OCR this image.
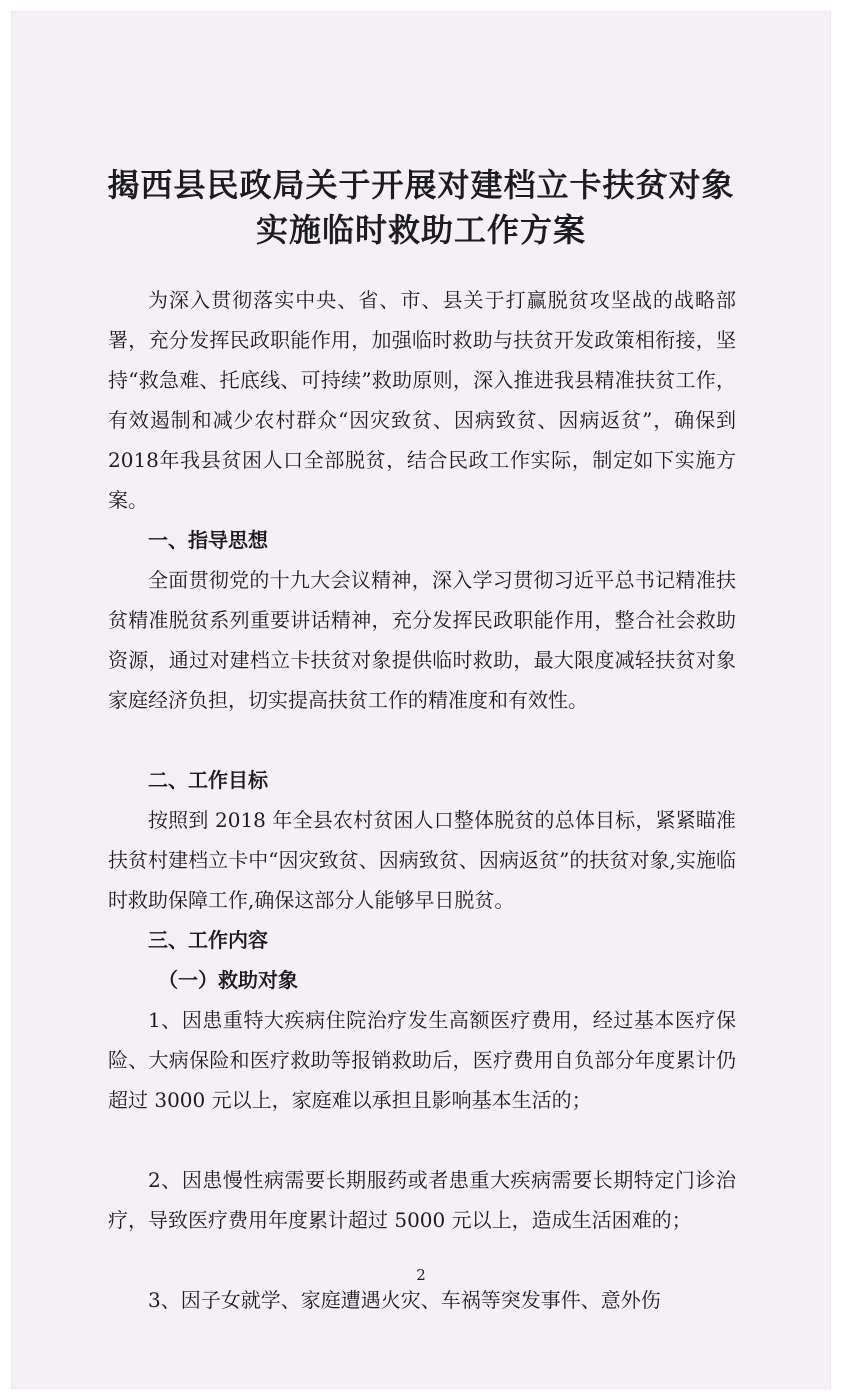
揭西县民政局关于开展对建档立卡扶贫对象
实施临时救助工作方案

为深入贯彻落实中央、省、市、县关于打赢脱贫攻坚战的战略部署，充分发挥民政职能作用，加强临时救助与扶贫开发政策相衔接，坚持“救急难、托底线、可持续”救助原则，深入推进我县精准扶贫工作，有效遏制和减少农村群众“因灾致贫、因病致贫、因病返贫”，确保到2018年我县贫困人口全部脱贫，结合民政工作实际，制定如下实施方案。

一、指导思想

全面贯彻党的十九大会议精神，深入学习贯彻习近平总书记精准扶贫精准脱贫系列重要讲话精神，充分发挥民政职能作用，整合社会救助资源，通过对建档立卡扶贫对象提供临时救助，最大限度减轻扶贫对象家庭经济负担，切实提高扶贫工作的精准度和有效性。

二、工作目标

按照到 2018 年全县农村贫困人口整体脱贫的总体目标，紧紧瞄准扶贫村建档立卡中“因灾致贫、因病致贫、因病返贫”的扶贫对象,实施临时救助保障工作,确保这部分人能够早日脱贫。

三、工作内容

（一）救助对象

1、因患重特大疾病住院治疗发生高额医疗费用，经过基本医疗保险、大病保险和医疗救助等报销救助后，医疗费用自负部分年度累计仍超过 3000 元以上，家庭难以承担且影响基本生活的；

2、因患慢性病需要长期服药或者患重大疾病需要长期特定门诊治疗，导致医疗费用年度累计超过 5000 元以上，造成生活困难的；

3、因子女就学、家庭遭遇火灾、车祸等突发事件、意外伤

2
